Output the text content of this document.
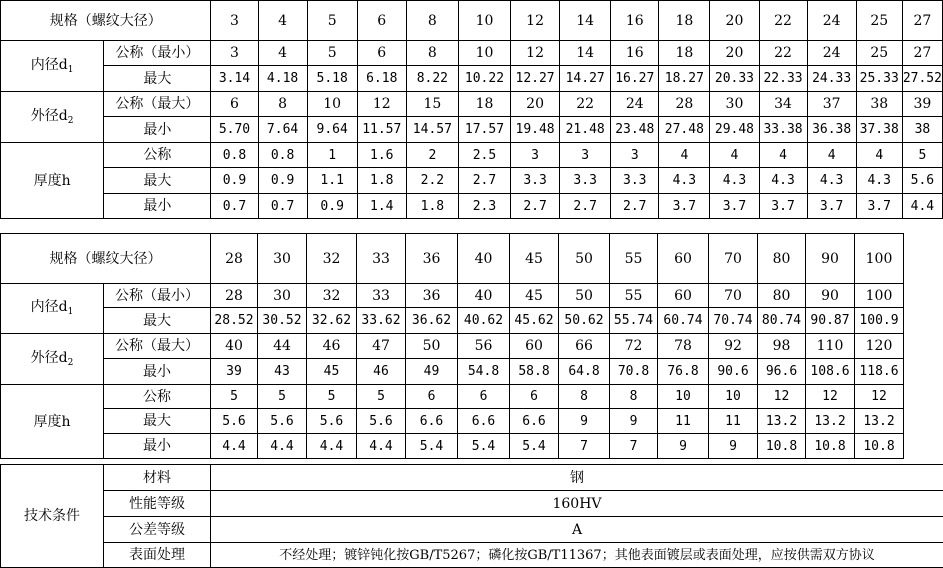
规格（螺纹大径）		3	4	5	6	8	10	12	14	16	18	20	22	24	25	27
内径$d_1$	公称（最小）	3	4	5	6	8	10	12	14	16	18	20	22	24	25	27
	最大	3.14	4.18	5.18	6.18	8.22	10.22	12.27	14.27	16.27	18.27	20.33	22.33	24.33	25.33	27.52
外径$d_2$	公称（最大）	6	8	10	12	15	18	20	22	24	28	30	34	37	38	39
	最小	5.70	7.64	9.64	11.57	14.57	17.57	19.48	21.48	23.48	27.48	29.48	33.38	36.38	37.38	38
厚度h	公称	0.8	0.8	1	1.6	2	2.5	3	3	3	4	4	4	4	4	5
	最大	0.9	0.9	1.1	1.8	2.2	2.7	3.3	3.3	3.3	4.3	4.3	4.3	4.3	4.3	5.6
	最小	0.7	0.7	0.9	1.4	1.8	2.3	2.7	2.7	2.7	3.7	3.7	3.7	3.7	3.7	4.4
规格（螺纹大径）		28	30	32	33	36	40	45	50	55	60	70	80	90	100
内径$d_1$	公称（最小）	28	30	32	33	36	40	45	50	55	60	70	80	90	100
	最大	28.52	30.52	32.62	33.62	36.62	40.62	45.62	50.62	55.74	60.74	70.74	80.74	90.87	100.9
外径$d_2$	公称（最大）	40	44	46	47	50	56	60	66	72	78	92	98	110	120
	最小	39	43	45	46	49	54.8	58.8	64.8	70.8	76.8	90.6	96.6	108.6	118.6
厚度h	公称	5	5	5	5	6	6	6	8	8	10	10	12	12	12
	最大	5.6	5.6	5.6	5.6	6.6	6.6	6.6	9	9	11	11	13.2	13.2	13.2
	最小	4.4	4.4	4.4	4.4	5.4	5.4	5.4	7	7	9	9	10.8	10.8	10.8
技术条件	材料	钢
	性能等级	160HV
	公差等级	A
	表面处理	不经处理；镀锌钝化按GB/T5267；磷化按GB/T11367；其他表面镀层或表面处理，应按供需双方协议
